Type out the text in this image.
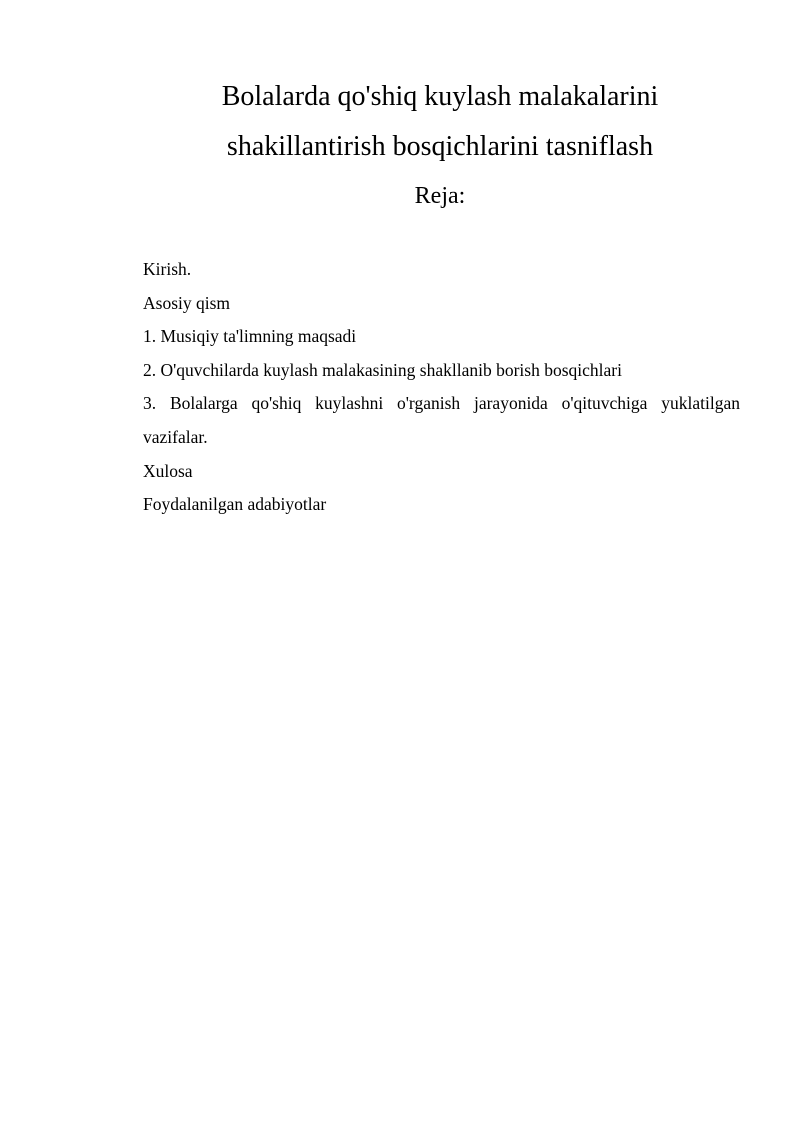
Bolalarda qo'shiq kuylash malakalarini
shakillantirish bosqichlarini tasniflash
Reja:
Kirish.
Asosiy qism
1. Musiqiy ta'limning maqsadi
2. O'quvchilarda kuylash malakasining shakllanib borish bosqichlari
3. Bolalarga qo'shiq kuylashni o'rganish jarayonida o'qituvchiga yuklatilgan vazifalar.
Xulosa
Foydalanilgan adabiyotlar
